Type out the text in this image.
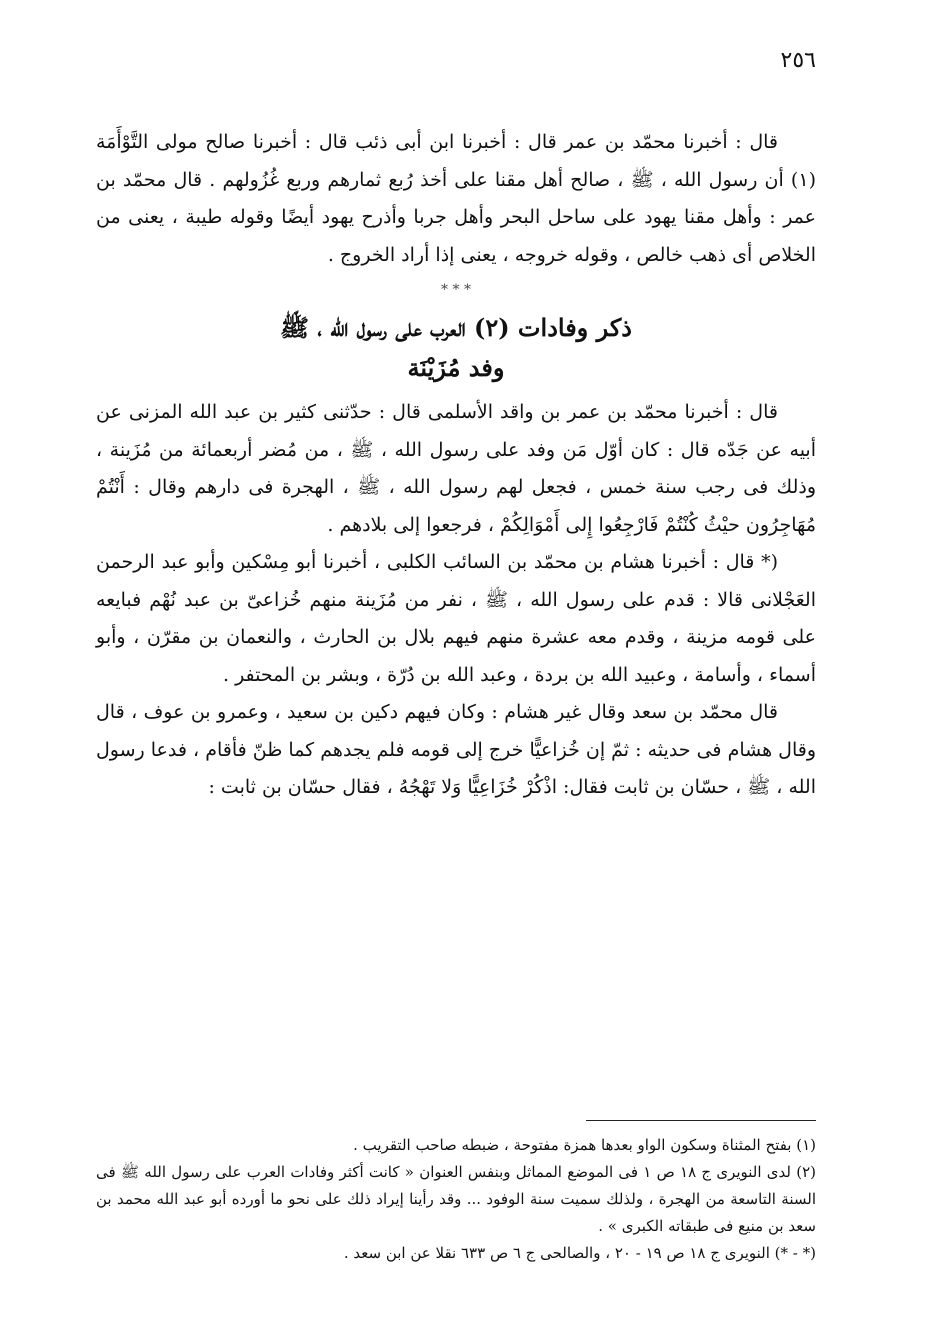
٢٥٦

قال : أخبرنا محمّد بن عمر قال : أخبرنا ابن أبى ذئب قال : أخبرنا صالح مولى التَّوْأَمَة (١) أن رسول الله ، ﷺ ، صالح أهل مقنا على أخذ رُبع ثمارهم وربع غُزُولهم . قال محمّد بن عمر : وأهل مقنا يهود على ساحل البحر وأهل جربا وأذرح يهود أيضًا وقوله طيبة ، يعنى من الخلاص أى ذهب خالص ، وقوله خروجه ، يعنى إذا أراد الخروج .

* * *
ذكر وفادات (٢) العرب على رسول الله ، ﷺ
وفد مُزَيْنَة

قال : أخبرنا محمّد بن عمر بن واقد الأسلمى قال : حدّثنى كثير بن عبد الله المزنى عن أبيه عن جَدّه قال : كان أوّل مَن وفد على رسول الله ، ﷺ ، من مُضر أربعمائة من مُزَينة ، وذلك فى رجب سنة خمس ، فجعل لهم رسول الله ، ﷺ ، الهجرة فى دارهم وقال : أَنْتُمْ مُهَاجِرُون حيْثُ كُنْتُمْ فَارْجِعُوا إِلى أَمْوَالِكُمْ ، فرجعوا إلى بلادهم .

(* قال : أخبرنا هشام بن محمّد بن السائب الكلبى ، أخبرنا أبو مِسْكين وأبو عبد الرحمن العَجْلانى قالا : قدم على رسول الله ، ﷺ ، نفر من مُزَينة منهم خُزاعىّ بن عبد نُهْم فبايعه على قومه مزينة ، وقدم معه عشرة منهم فيهم بلال بن الحارث ، والنعمان بن مقرّن ، وأبو أسماء ، وأسامة ، وعبيد الله بن بردة ، وعبد الله بن دُرّة ، وبشر بن المحتفر .

قال محمّد بن سعد وقال غير هشام : وكان فيهم دكين بن سعيد ، وعمرو بن عوف ، قال وقال هشام فى حديثه : ثمّ إن خُزاعيًّا خرج إلى قومه فلم يجدهم كما ظنّ فأقام ، فدعا رسول الله ، ﷺ ، حسّان بن ثابت فقال: اذْكُرْ خُزَاعِيًّا وَلا تَهْجُهُ ، فقال حسّان بن ثابت :

(١) بفتح المثناة وسكون الواو بعدها همزة مفتوحة ، ضبطه صاحب التقريب .

(٢) لدى النويرى ج ١٨ ص ١ فى الموضع المماثل وبنفس العنوان « كانت أكثر وفادات العرب على رسول الله ﷺ فى السنة التاسعة من الهجرة ، ولذلك سميت سنة الوفود ... وقد رأينا إيراد ذلك على نحو ما أورده أبو عبد الله محمد بن سعد بن منيع فى طبقاته الكبرى » .

(* - *) النويرى ج ١٨ ص ١٩ - ٢٠ ، والصالحى ج ٦ ص ٦٣٣ نقلا عن ابن سعد .
